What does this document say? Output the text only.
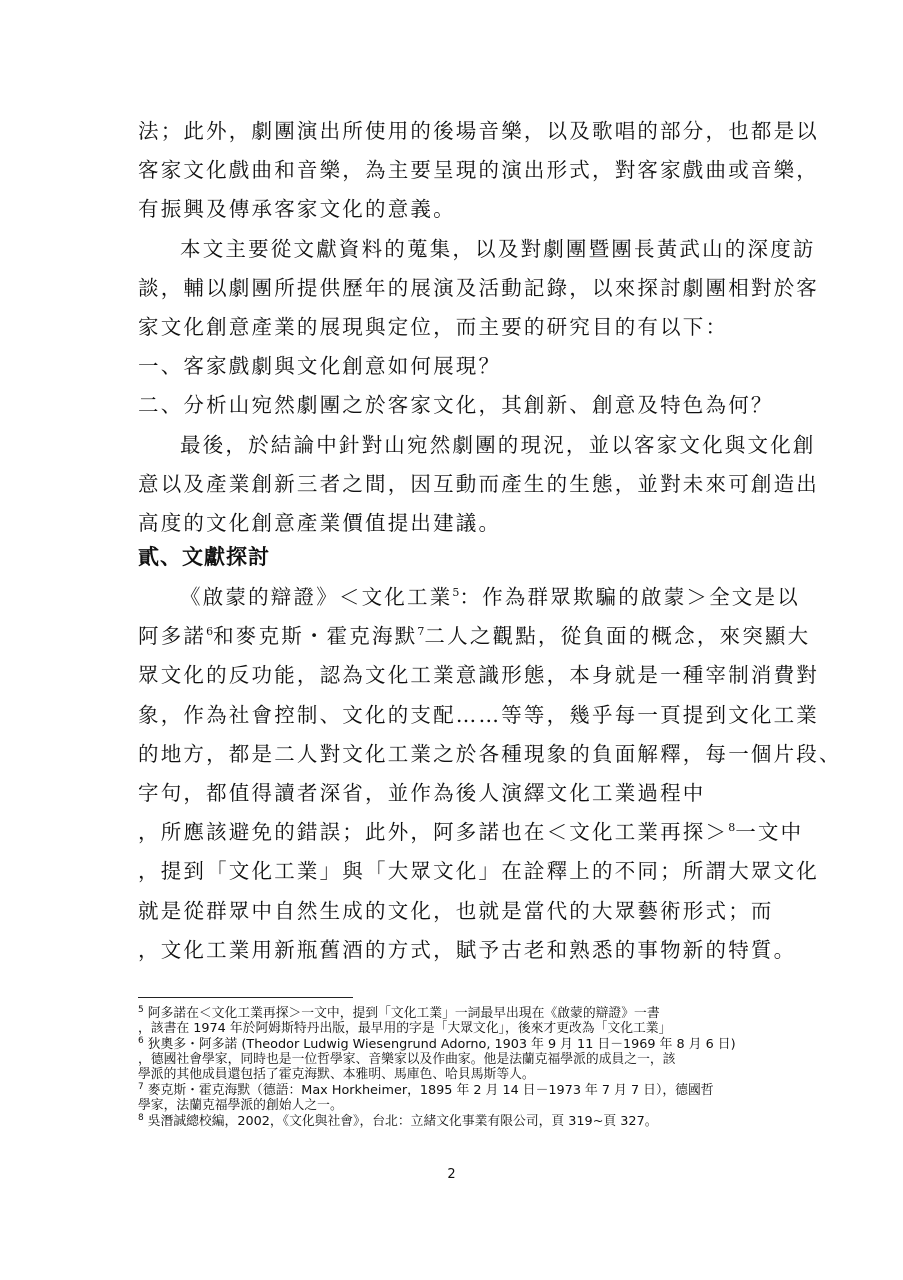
法；此外，劇團演出所使用的後場音樂，以及歌唱的部分，也都是以
客家文化戲曲和音樂，為主要呈現的演出形式，對客家戲曲或音樂，
有振興及傳承客家文化的意義。
本文主要從文獻資料的蒐集，以及對劇團暨團長黃武山的深度訪
談，輔以劇團所提供歷年的展演及活動記錄，以來探討劇團相對於客
家文化創意產業的展現與定位，而主要的研究目的有以下：
一、客家戲劇與文化創意如何展現？
二、分析山宛然劇團之於客家文化，其創新、創意及特色為何？
最後，於結論中針對山宛然劇團的現況，並以客家文化與文化創
意以及產業創新三者之間，因互動而產生的生態，並對未來可創造出
高度的文化創意產業價值提出建議。
貳、文獻探討
《啟蒙的辯證》＜文化工業$^5$：作為群眾欺騙的啟蒙＞全文是以
阿多諾$^6$和麥克斯・霍克海默$^7$二人之觀點，從負面的概念，來突顯大
眾文化的反功能，認為文化工業意識形態，本身就是一種宰制消費對
象，作為社會控制、文化的支配……等等，幾乎每一頁提到文化工業
的地方，都是二人對文化工業之於各種現象的負面解釋，每一個片段、
字句，都值得讀者深省，並作為後人演繹文化工業過程中
，所應該避免的錯誤；此外，阿多諾也在＜文化工業再探＞$^8$一文中
，提到「文化工業」與「大眾文化」在詮釋上的不同；所謂大眾文化
就是從群眾中自然生成的文化，也就是當代的大眾藝術形式；而
，文化工業用新瓶舊酒的方式，賦予古老和熟悉的事物新的特質。
$^5$ 阿多諾在＜文化工業再探＞一文中，提到「文化工業」一詞最早出現在《啟蒙的辯證》一書
，該書在 1974 年於阿姆斯特丹出版，最早用的字是「大眾文化」，後來才更改為「文化工業」
$^6$ 狄奧多・阿多諾 (Theodor Ludwig Wiesengrund Adorno, 1903 年 9 月 11 日－1969 年 8 月 6 日)
，德國社會學家，同時也是一位哲學家、音樂家以及作曲家。他是法蘭克福學派的成員之一，該
學派的其他成員還包括了霍克海默、本雅明、馬庫色、哈貝馬斯等人。
$^7$ 麥克斯・霍克海默（德語：Max Horkheimer，1895 年 2 月 14 日－1973 年 7 月 7 日），德國哲
學家，法蘭克福學派的創始人之一。
$^8$ 吳潛誠總校編，2002，《文化與社會》，台北：立緒文化事業有限公司，頁 319~頁 327。
2
